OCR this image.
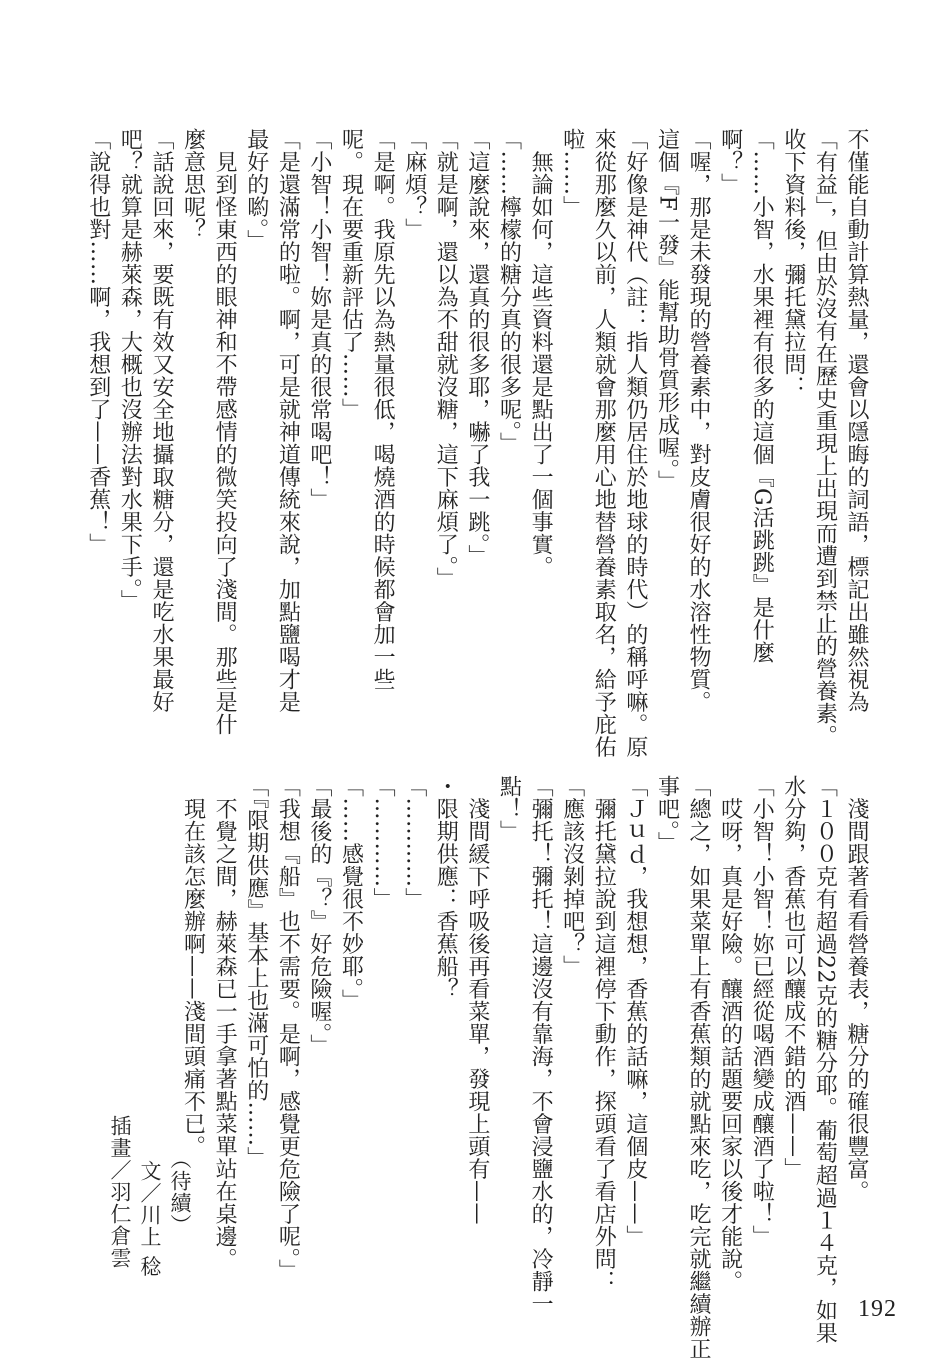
不僅能自動計算熱量，還會以隱晦的詞語，標記出雖然視為
「有益」，但由於沒有在歷史重現上出現而遭到禁止的營養素。
收下資料後，彌托黛拉問：
「……小智，水果裡有很多的這個『G活跳跳』是什麼
啊？」
「喔，那是未發現的營養素中，對皮膚很好的水溶性物質。
這個『F一發』能幫助骨質形成喔。」
「好像是神代（註：指人類仍居住於地球的時代）的稱呼嘛。原
來從那麼久以前，人類就會那麼用心地替營養素取名，給予庇佑
啦……」
　無論如何，這些資料還是點出了一個事實。
「……檸檬的糖分真的很多呢。」
「這麼說來，還真的很多耶，嚇了我一跳。」
「就是啊，還以為不甜就沒糖，這下麻煩了。」
「麻煩？」
「是啊。我原先以為熱量很低，喝燒酒的時候都會加一些
呢。現在要重新評估了……」
「小智！小智！妳是真的很常喝吧！」
「是還滿常的啦。啊，可是就神道傳統來說，加點鹽喝才是
最好的喲。」
　見到怪東西的眼神和不帶感情的微笑投向了淺間。那些是什
麼意思呢？
「話說回來，要既有效又安全地攝取糖分，還是吃水果最好
吧？就算是赫萊森，大概也沒辦法對水果下手。」
「說得也對……啊，我想到了——香蕉！」
　淺間跟著看看營養表，糖分的確很豐富。
「１００克有超過22克的糖分耶。葡萄超過１４克，如果
水分夠，香蕉也可以釀成不錯的酒——」
「小智！小智！妳已經從喝酒變成釀酒了啦！」
　哎呀，真是好險。釀酒的話題要回家以後才能說。
「總之，如果菜單上有香蕉類的就點來吃，吃完就繼續辦正
事吧。」
「Ｊｕｄ，我想想，香蕉的話嘛，這個皮——」
　彌托黛拉說到這裡停下動作，探頭看了看店外問：
「應該沒剝掉吧？」
「彌托！彌托！這邊沒有靠海，不會浸鹽水的，冷靜一
點！」
　淺間緩下呼吸後再看菜單，發現上頭有——
・限期供應：香蕉船？
「…………」
「…………」
「……感覺很不妙耶。」
「最後的『？』好危險喔。」
「我想『船』也不需要。是啊，感覺更危險了呢。」
「『限期供應』基本上也滿可怕的……」
　不覺之間，赫萊森已一手拿著點菜單站在桌邊。
　現在該怎麼辦啊——淺間頭痛不已。
（待續）
文／川上 稔
插畫／羽仁倉雲
192
